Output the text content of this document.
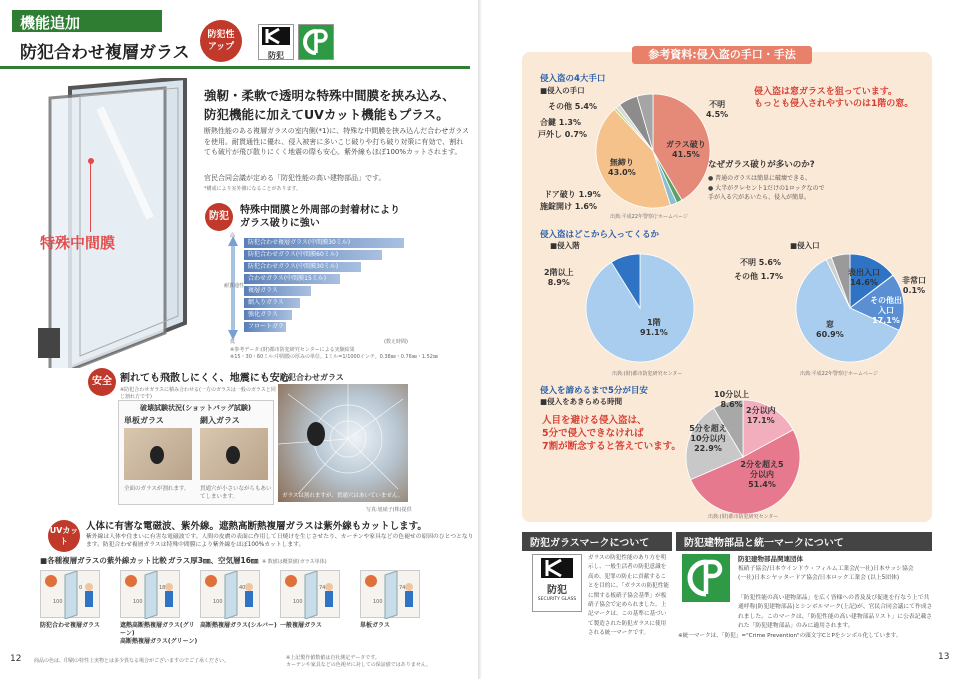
機能追加
防犯合わせ複層ガラス
防犯性
アップ
防犯
特殊中間膜
強靭・柔軟で透明な特殊中間膜を挟み込み、
防犯機能に加えてUVカット機能もプラス。
断熱性能のある複層ガラスの室内側(*1)に、特殊な中間膜を挟み込んだ合わせガラスを使用。耐貫通性に優れ、侵入被害に多いこじ破りや打ち破り対策に有効で、割れても破片が飛び散りにくく地震の際も安心。紫外線もほぼ100%カットされます。
官民合同会議が定める「防犯性能の高い建物部品」です。
*構成により室外側になることがあります。
防犯
特殊中間膜と外周部の封着材により
ガラス破りに強い
高
耐貫通性
低
防犯合わせ複層ガラス(中間膜30ミル)
防犯合わせガラス(中間膜60ミル)
防犯合わせガラス(中間膜30ミル)
合わせガラス(中間膜15ミル)
複層ガラス
網入りガラス
強化ガラス
フロートガラス
(数え時間)
※参考データ:(財)都市防犯研究センターによる実験結果
※15・30・60ミル:中間膜の厚みの単位。1ミル=1/1000インチ。0.38㎜・0.76㎜・1.52㎜
安全 割れても飛散しにくく、地震にも安心
※防犯合わせガラスに積み合わせる(一方のガラスは一般のガラスと同じ割れ方です)
破壊試験状況(ショットバッグ試験)
単板ガラス	網入ガラス
全面のガラスが割れます。	貫通穴が小さいながらもあいてしまいます。
防犯合わせガラス
ガラスは割れますが、貫通穴はあいていません。
写真:旭硝子(株)提供
UVカット
人体に有害な電磁波、紫外線。遮熱高断熱複層ガラスは紫外線もカットします。
紫外線は人体や住まいに有害な電磁波です。人間の皮膚の表面に作用して日焼けを生じさせたり、カーテンや家具などの色褪せの原因のひとつとなります。防犯合わせ複層ガラスは特殊中間膜により紫外線をほぼ100%カットします。
■各種複層ガラスの紫外線カット比較 ガラス厚3㎜、空気層16㎜ ※ 数値は概算値(ガラス単体)
100
0
防犯合わせ複層ガラス
100
18
遮熱高断熱複層ガラス(グリーン)
高断熱複層ガラス(グリーン)
100
40
高断熱複層ガラス(シルバー)
100
74
一般複層ガラス
100
74
単板ガラス
※上記製作値数値は自社測定データです。
カーテンや家具などの色褪せに対しての保証値ではありません。
商品の色は、印刷の特性上実物とは多少異なる場合がございますのでご了承ください。
12
参考資料:侵入盗の手口・手法
侵入盗の4大手口
■侵入の手口
その他 5.4%
合鍵 1.3%
戸外し 0.7%
不明
4.5%
ガラス破り
41.5%
無締り
43.0%
ドア破り 1.9%
施錠開け 1.6%
侵入盗は窓ガラスを狙っています。
もっとも侵入されやすいのは1階の窓。
なぜガラス破りが多いのか?
● 普通のガラスは簡単に破壊できる。
● 大半がクレセント1だけの1ロックなので
手が入る穴があいたら、侵入が簡単。
出典:平成22年警察庁ホームページ
侵入盗はどこから入ってくるか
■侵入階	■侵入口
2階以上
8.9%
1階
91.1%
出典:(財)都市防犯研究センター
不明 5.6%
その他 1.7%	表出入口
14.6%	非常口
0.1%
その他出入口
17.1%
窓
60.9%
出典:平成22年警察庁ホームページ
侵入を諦めるまで5分が目安
■侵入をあきらめる時間
人目を避ける侵入盗は、
5分で侵入できなければ
7割が断念すると答えています。
10分以上
8.6%
2分以内
17.1%
5分を超え10分以内
22.9%
2分を超え5分以内
51.4%
出典:(財)都市防犯研究センター
防犯ガラスマークについて
防犯
SECURITY GLASS
ガラスの防犯性能のあり方を明示し、一般生活者の防犯意識を高め、犯罪の防止に貢献することを目的に、「ガラスの防犯性能に関する板硝子協会基準」が板硝子協会で定められました。上記マークは、この基準に基づいて製造された防犯ガラスに使用される統一マークです。
防犯建物部品と統一マークについて
防犯建物部品関連団体
板硝子協会/日本ウインドウ・フィルム工業会/(一社)日本サッシ協会
(一社)日本シヤッタードア協会/日本ロック工業会 (以上5団体)
「防犯性能の高い建物部品」を広く皆様への普及及び促進を行なう上で共通呼称(防犯建物部品)とシンボルマーク(上記)が、官民合同会議にて作成されました。このマークは、「防犯性能の高い建物部品リスト」に公表記載された「防犯建物部品」のみに適用されます。
※統一マークは、「防犯」="Crime Prevention"の頭文字CとPをシンボル化しています。
13
